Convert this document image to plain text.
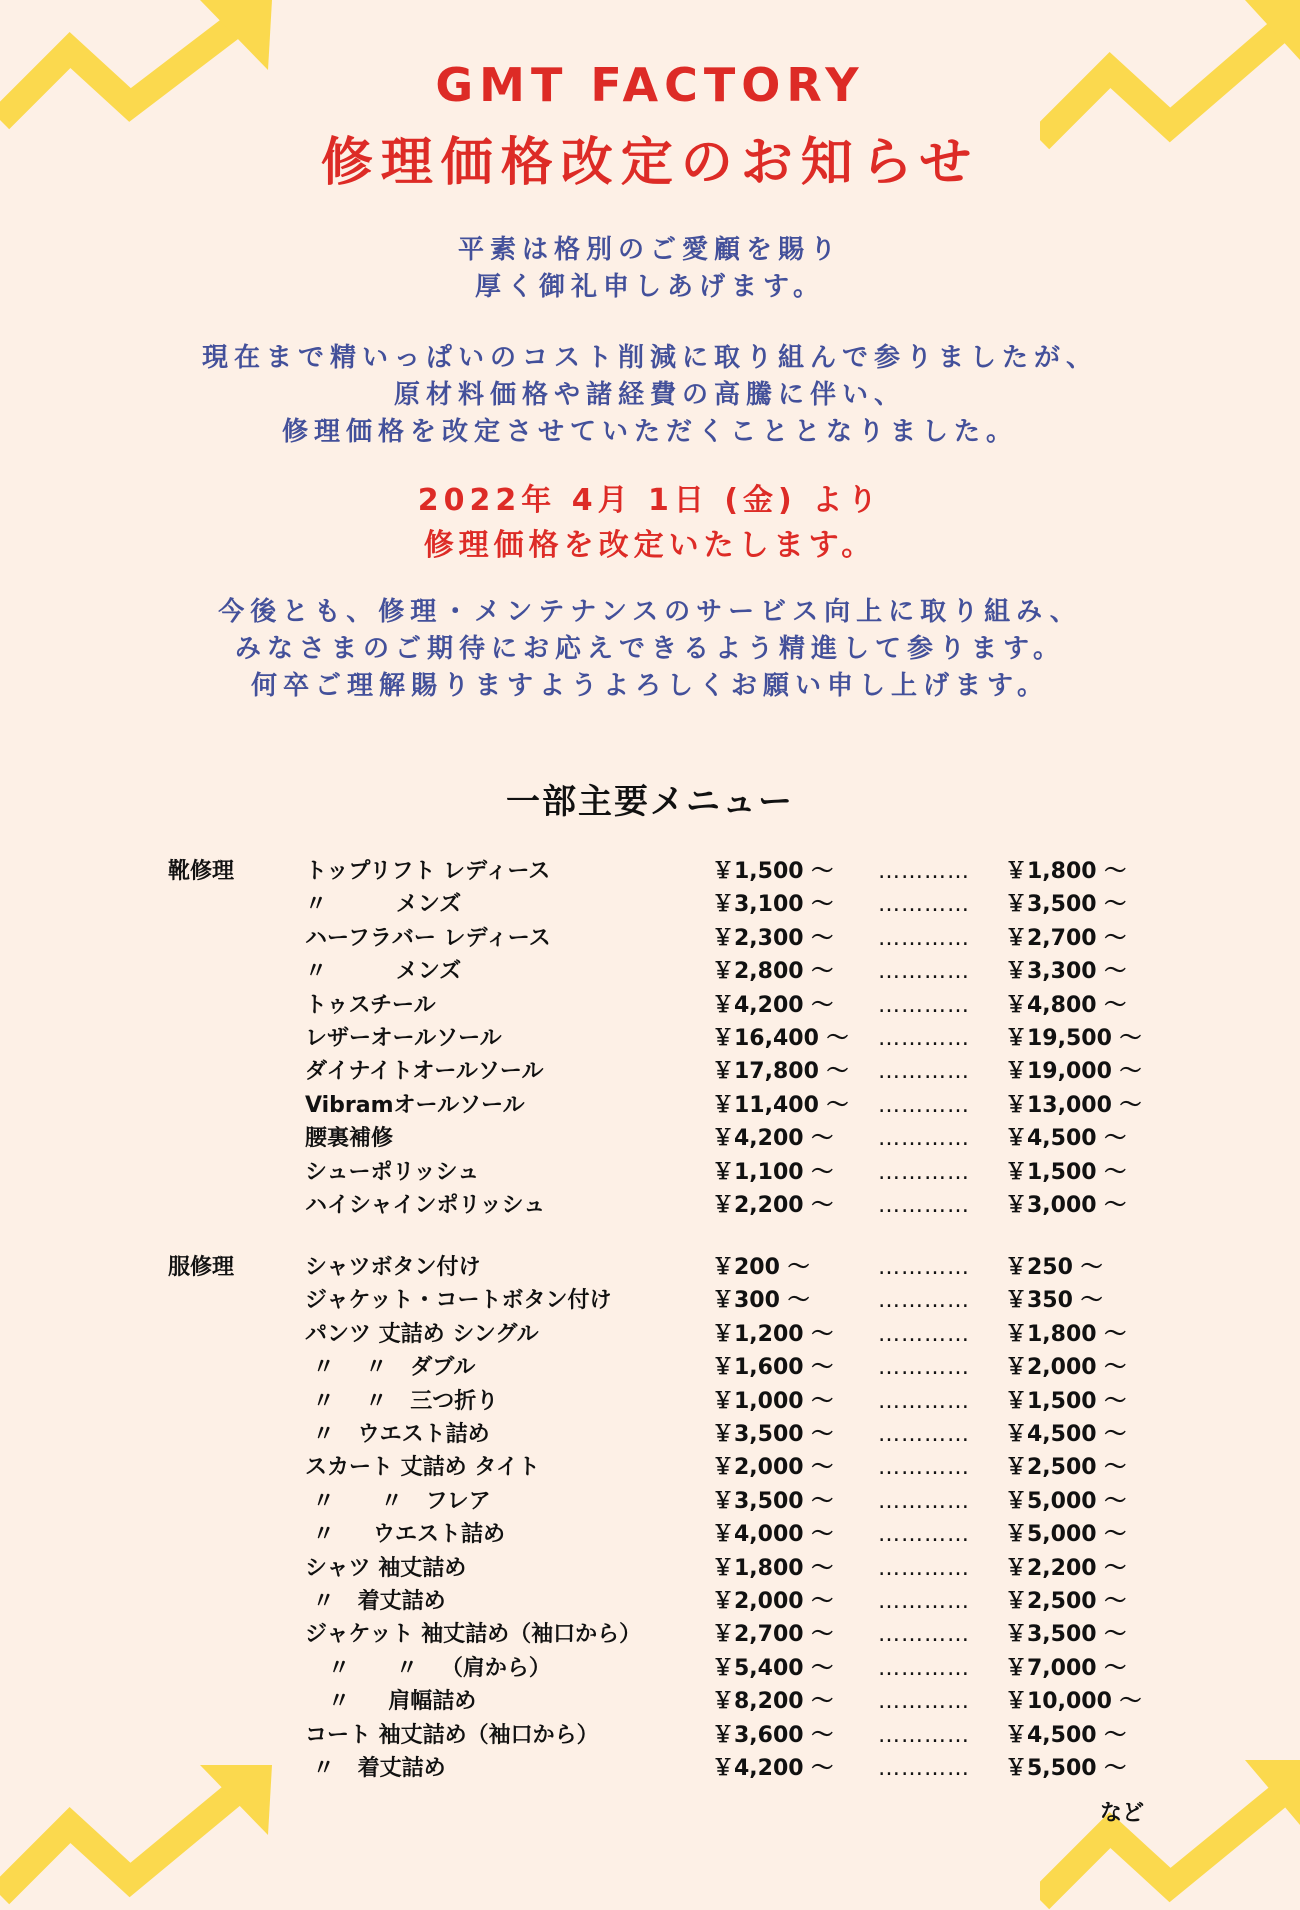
GMT FACTORY
修理価格改定のお知らせ
平素は格別のご愛顧を賜り
厚く御礼申しあげます。
現在まで精いっぱいのコスト削減に取り組んで参りましたが、
原材料価格や諸経費の高騰に伴い、
修理価格を改定させていただくこととなりました。
2022年 4月 1日 (金) より
修理価格を改定いたします。
今後とも、修理・メンテナンスのサービス向上に取り組み、
みなさまのご期待にお応えできるよう精進して参ります。
何卒ご理解賜りますようよろしくお願い申し上げます。
一部主要メニュー
靴修理	トップリフト レディース	￥1,500 〜 ………… ￥1,800 〜
〃         メンズ	￥3,100 〜 ………… ￥3,500 〜
ハーフラバー レディース	￥2,300 〜 ………… ￥2,700 〜
〃         メンズ	￥2,800 〜 ………… ￥3,300 〜
トゥスチール	￥4,200 〜 ………… ￥4,800 〜
レザーオールソール	￥16,400 〜 ………… ￥19,500 〜
ダイナイトオールソール	￥17,800 〜 ………… ￥19,000 〜
Vibramオールソール	￥11,400 〜 ………… ￥13,000 〜
腰裏補修	￥4,200 〜 ………… ￥4,500 〜
シューポリッシュ	￥1,100 〜 ………… ￥1,500 〜
ハイシャインポリッシュ	￥2,200 〜 ………… ￥3,000 〜
服修理	シャツボタン付け	￥200 〜	………… ￥250 〜
ジャケット・コートボタン付け	￥300 〜	………… ￥350 〜
パンツ 丈詰め シングル	￥1,200 〜 ………… ￥1,800 〜
〃    〃   ダブル	￥1,600 〜 ………… ￥2,000 〜
〃    〃   三つ折り	￥1,000 〜 ………… ￥1,500 〜
〃   ウエスト詰め	￥3,500 〜 ………… ￥4,500 〜
スカート 丈詰め タイト	￥2,000 〜 ………… ￥2,500 〜
〃      〃   フレア	￥3,500 〜 ………… ￥5,000 〜
〃     ウエスト詰め	￥4,000 〜 ………… ￥5,000 〜
シャツ 袖丈詰め	￥1,800 〜 ………… ￥2,200 〜
〃   着丈詰め	￥2,000 〜 ………… ￥2,500 〜
ジャケット 袖丈詰め（袖口から）	￥2,700 〜 ………… ￥3,500 〜
〃      〃   （肩から）	￥5,400 〜 ………… ￥7,000 〜
〃     肩幅詰め	￥8,200 〜 ………… ￥10,000 〜
コート 袖丈詰め（袖口から）	￥3,600 〜 ………… ￥4,500 〜
〃   着丈詰め	￥4,200 〜 ………… ￥5,500 〜
など
